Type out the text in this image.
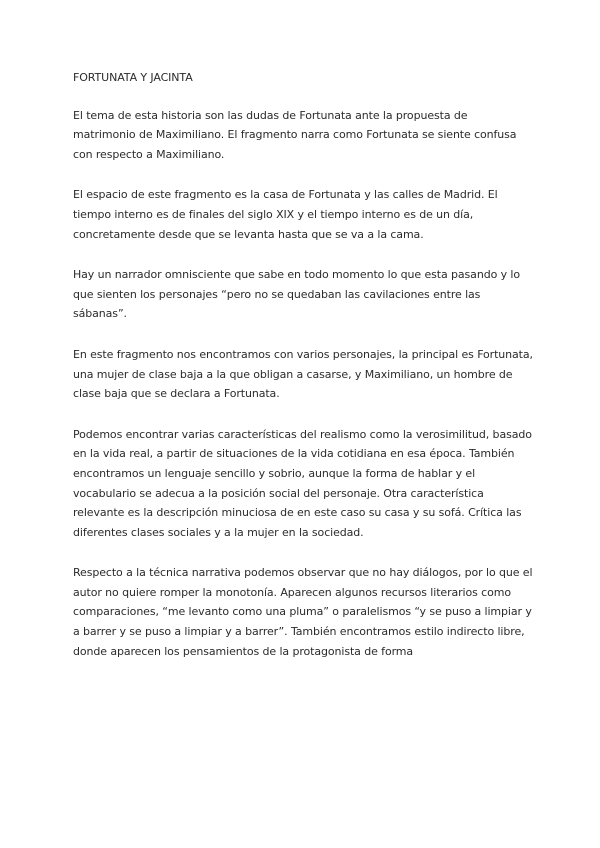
FORTUNATA Y JACINTA

El tema de esta historia son las dudas de Fortunata ante la propuesta de matrimonio de Maximiliano. El fragmento narra como Fortunata se siente confusa con respecto a Maximiliano.

El espacio de este fragmento es la casa de Fortunata y las calles de Madrid. El tiempo interno es de finales del siglo XIX y el tiempo interno es de un día, concretamente desde que se levanta hasta que se va a la cama.

Hay un narrador omnisciente que sabe en todo momento lo que esta pasando y lo que sienten los personajes “pero no se quedaban las cavilaciones entre las sábanas”.

En este fragmento nos encontramos con varios personajes, la principal es Fortunata, una mujer de clase baja a la que obligan a casarse, y Maximiliano, un hombre de clase baja que se declara a Fortunata.

Podemos encontrar varias características del realismo como la verosimilitud, basado en la vida real, a partir de situaciones de la vida cotidiana en esa época. También encontramos un lenguaje sencillo y sobrio, aunque la forma de hablar y el vocabulario se adecua a la posición social del personaje. Otra característica relevante es la descripción minuciosa de en este caso su casa y su sofá. Crítica las diferentes clases sociales y a la mujer en la sociedad.

Respecto a la técnica narrativa podemos observar que no hay diálogos, por lo que el autor no quiere romper la monotonía. Aparecen algunos recursos literarios como comparaciones, “me levanto como una pluma” o paralelismos “y se puso a limpiar y a barrer y se puso a limpiar y a barrer”. También encontramos estilo indirecto libre, donde aparecen los pensamientos de la protagonista de forma
